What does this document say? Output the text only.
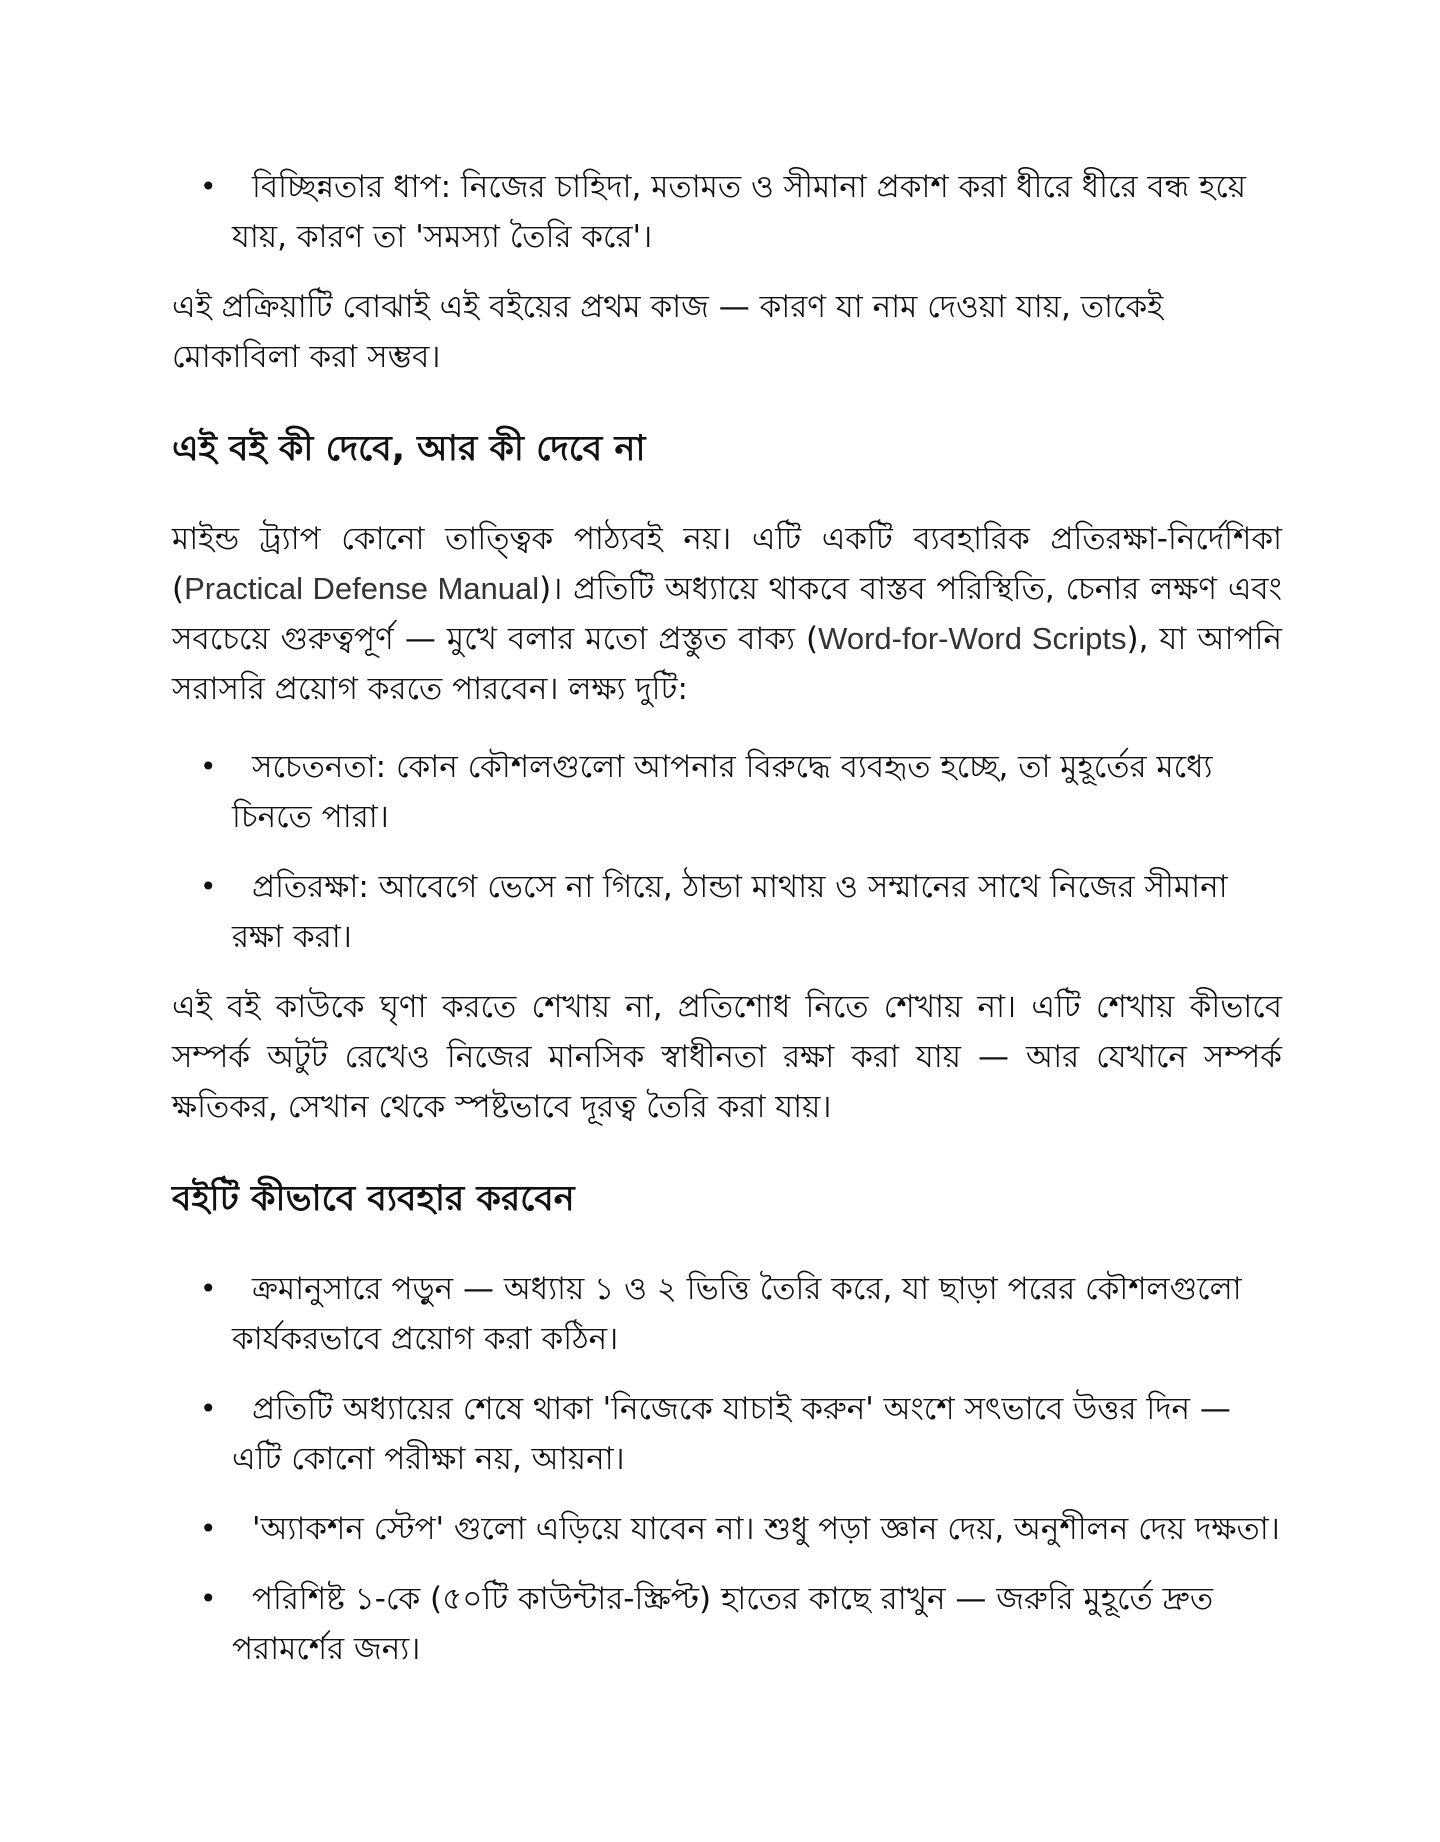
•	বিচ্ছিন্নতার ধাপ: নিজের চাহিদা, মতামত ও সীমানা প্রকাশ করা ধীরে ধীরে বন্ধ হয়ে যায়, কারণ তা 'সমস্যা তৈরি করে'।

এই প্রক্রিয়াটি বোঝাই এই বইয়ের প্রথম কাজ — কারণ যা নাম দেওয়া যায়, তাকেই মোকাবিলা করা সম্ভব।

এই বই কী দেবে, আর কী দেবে না

মাইন্ড ট্র্যাপ কোনো তাত্ত্বিক পাঠ্যবই নয়। এটি একটি ব্যবহারিক প্রতিরক্ষা-নির্দেশিকা (Practical Defense Manual)। প্রতিটি অধ্যায়ে থাকবে বাস্তব পরিস্থিতি, চেনার লক্ষণ এবং সবচেয়ে গুরুত্বপূর্ণ — মুখে বলার মতো প্রস্তুত বাক্য (Word-for-Word Scripts), যা আপনি সরাসরি প্রয়োগ করতে পারবেন। লক্ষ্য দুটি:

•	সচেতনতা: কোন কৌশলগুলো আপনার বিরুদ্ধে ব্যবহৃত হচ্ছে, তা মুহূর্তের মধ্যে চিনতে পারা।
•	প্রতিরক্ষা: আবেগে ভেসে না গিয়ে, ঠান্ডা মাথায় ও সম্মানের সাথে নিজের সীমানা রক্ষা করা।

এই বই কাউকে ঘৃণা করতে শেখায় না, প্রতিশোধ নিতে শেখায় না। এটি শেখায় কীভাবে সম্পর্ক অটুট রেখেও নিজের মানসিক স্বাধীনতা রক্ষা করা যায় — আর যেখানে সম্পর্ক ক্ষতিকর, সেখান থেকে স্পষ্টভাবে দূরত্ব তৈরি করা যায়।

বইটি কীভাবে ব্যবহার করবেন
•	ক্রমানুসারে পড়ুন — অধ্যায় ১ ও ২ ভিত্তি তৈরি করে, যা ছাড়া পরের কৌশলগুলো কার্যকরভাবে প্রয়োগ করা কঠিন।
•	প্রতিটি অধ্যায়ের শেষে থাকা 'নিজেকে যাচাই করুন' অংশে সৎভাবে উত্তর দিন — এটি কোনো পরীক্ষা নয়, আয়না।
•	'অ্যাকশন স্টেপ' গুলো এড়িয়ে যাবেন না। শুধু পড়া জ্ঞান দেয়, অনুশীলন দেয় দক্ষতা।
•	পরিশিষ্ট ১-কে (৫০টি কাউন্টার-স্ক্রিপ্ট) হাতের কাছে রাখুন — জরুরি মুহূর্তে দ্রুত পরামর্শের জন্য।
